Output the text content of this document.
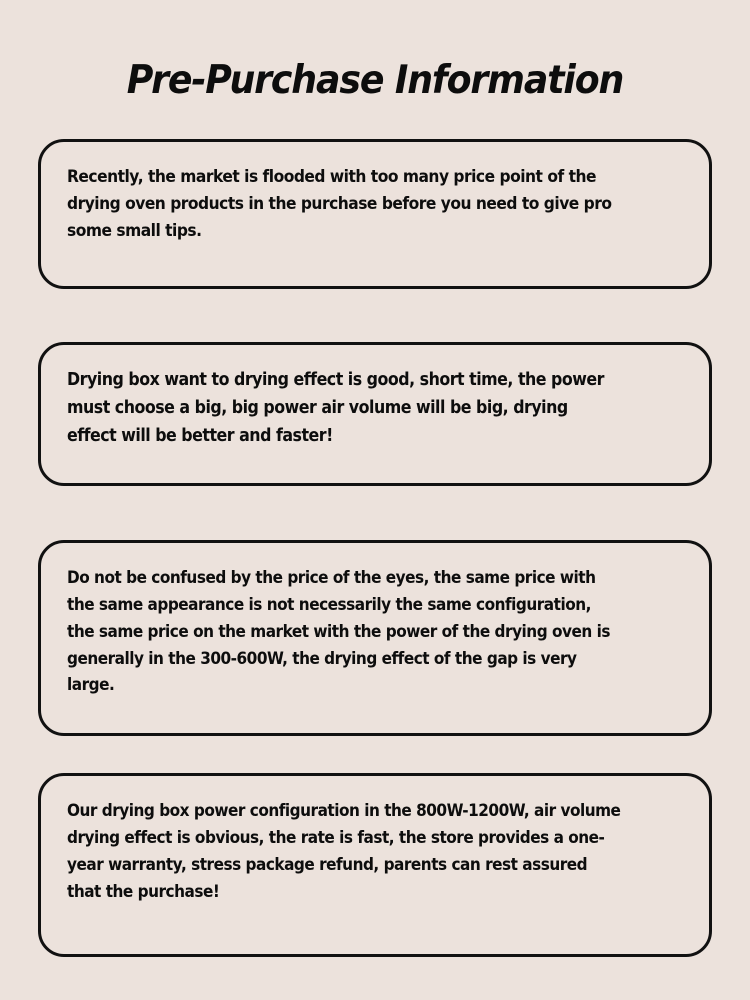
Pre-Purchase Information

Recently, the market is flooded with too many price point of the drying oven products in the purchase before you need to give pro some small tips.

Drying box want to drying effect is good, short time, the power must choose a big, big power air volume will be big, drying effect will be better and faster!

Do not be confused by the price of the eyes, the same price with the same appearance is not necessarily the same configuration, the same price on the market with the power of the drying oven is generally in the 300-600W, the drying effect of the gap is very large.

Our drying box power configuration in the 800W-1200W, air volume drying effect is obvious, the rate is fast, the store provides a one-year warranty, stress package refund, parents can rest assured that the purchase!
